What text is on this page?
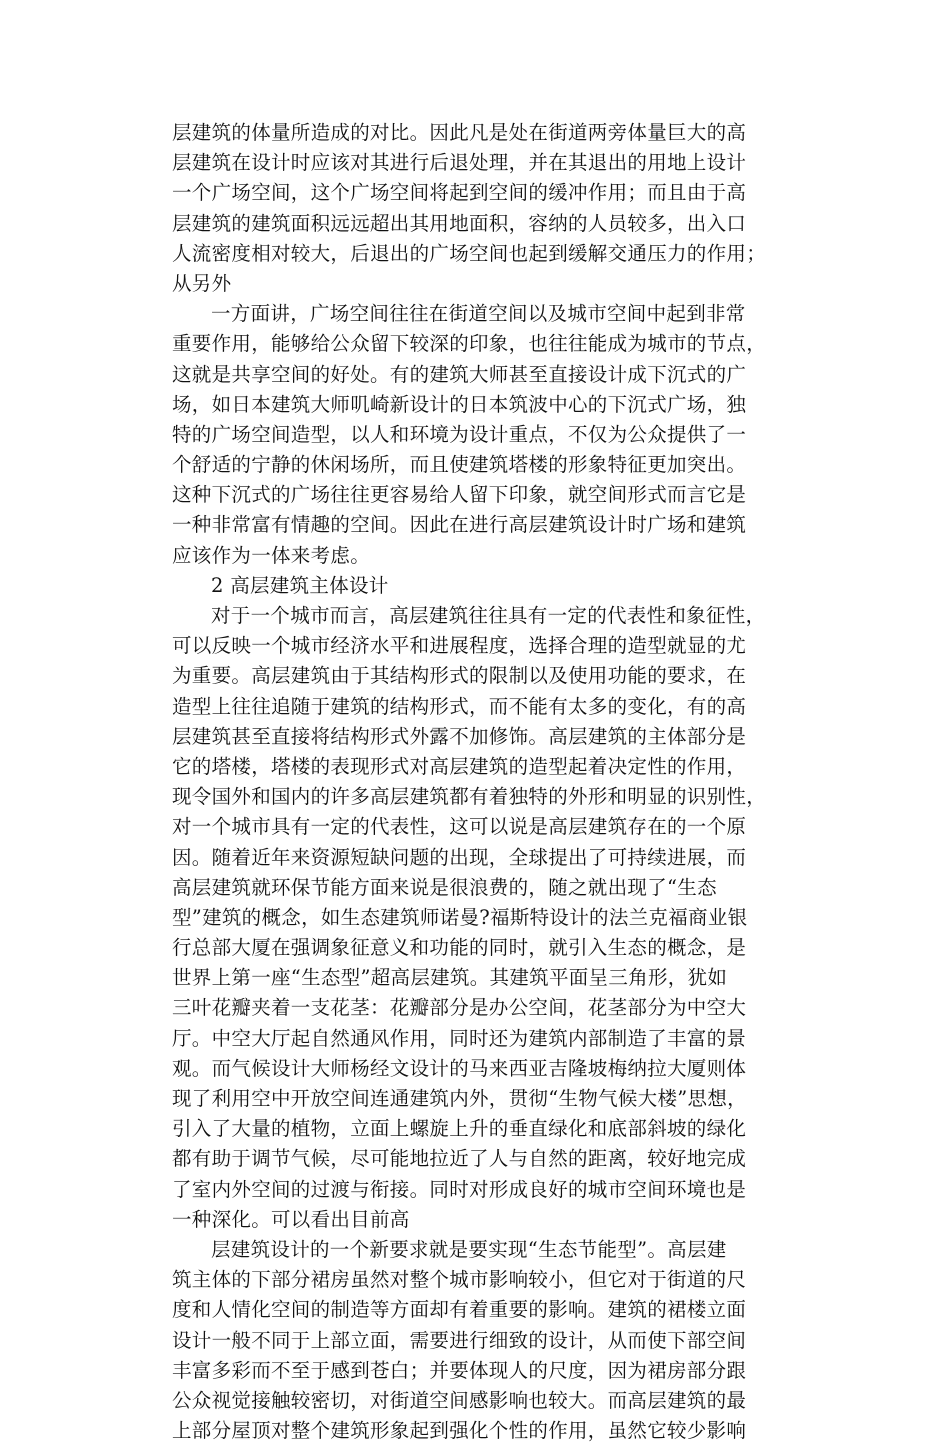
层建筑的体量所造成的对比。因此凡是处在街道两旁体量巨大的高
层建筑在设计时应该对其进行后退处理，并在其退出的用地上设计
一个广场空间，这个广场空间将起到空间的缓冲作用；而且由于高
层建筑的建筑面积远远超出其用地面积，容纳的人员较多，出入口
人流密度相对较大，后退出的广场空间也起到缓解交通压力的作用；
从另外
一方面讲，广场空间往往在街道空间以及城市空间中起到非常
重要作用，能够给公众留下较深的印象，也往往能成为城市的节点，
这就是共享空间的好处。有的建筑大师甚至直接设计成下沉式的广
场，如日本建筑大师叽崎新设计的日本筑波中心的下沉式广场，独
特的广场空间造型，以人和环境为设计重点，不仅为公众提供了一
个舒适的宁静的休闲场所，而且使建筑塔楼的形象特征更加突出。
这种下沉式的广场往往更容易给人留下印象，就空间形式而言它是
一种非常富有情趣的空间。因此在进行高层建筑设计时广场和建筑
应该作为一体来考虑。
2 高层建筑主体设计
对于一个城市而言，高层建筑往往具有一定的代表性和象征性，
可以反映一个城市经济水平和进展程度，选择合理的造型就显的尤
为重要。高层建筑由于其结构形式的限制以及使用功能的要求，在
造型上往往追随于建筑的结构形式，而不能有太多的变化，有的高
层建筑甚至直接将结构形式外露不加修饰。高层建筑的主体部分是
它的塔楼，塔楼的表现形式对高层建筑的造型起着决定性的作用，
现令国外和国内的许多高层建筑都有着独特的外形和明显的识别性，
对一个城市具有一定的代表性，这可以说是高层建筑存在的一个原
因。随着近年来资源短缺问题的出现，全球提出了可持续进展，而
高层建筑就环保节能方面来说是很浪费的，随之就出现了“生态
型”建筑的概念，如生态建筑师诺曼?福斯特设计的法兰克福商业银
行总部大厦在强调象征意义和功能的同时，就引入生态的概念，是
世界上第一座“生态型”超高层建筑。其建筑平面呈三角形，犹如
三叶花瓣夹着一支花茎：花瓣部分是办公空间，花茎部分为中空大
厅。中空大厅起自然通风作用，同时还为建筑内部制造了丰富的景
观。而气候设计大师杨经文设计的马来西亚吉隆坡梅纳拉大厦则体
现了利用空中开放空间连通建筑内外，贯彻“生物气候大楼”思想，
引入了大量的植物，立面上螺旋上升的垂直绿化和底部斜坡的绿化
都有助于调节气候，尽可能地拉近了人与自然的距离，较好地完成
了室内外空间的过渡与衔接。同时对形成良好的城市空间环境也是
一种深化。可以看出目前高
层建筑设计的一个新要求就是要实现“生态节能型”。高层建
筑主体的下部分裙房虽然对整个城市影响较小，但它对于街道的尺
度和人情化空间的制造等方面却有着重要的影响。建筑的裙楼立面
设计一般不同于上部立面，需要进行细致的设计，从而使下部空间
丰富多彩而不至于感到苍白；并要体现人的尺度，因为裙房部分跟
公众视觉接触较密切，对街道空间感影响也较大。而高层建筑的最
上部分屋顶对整个建筑形象起到强化个性的作用，虽然它较少影响
